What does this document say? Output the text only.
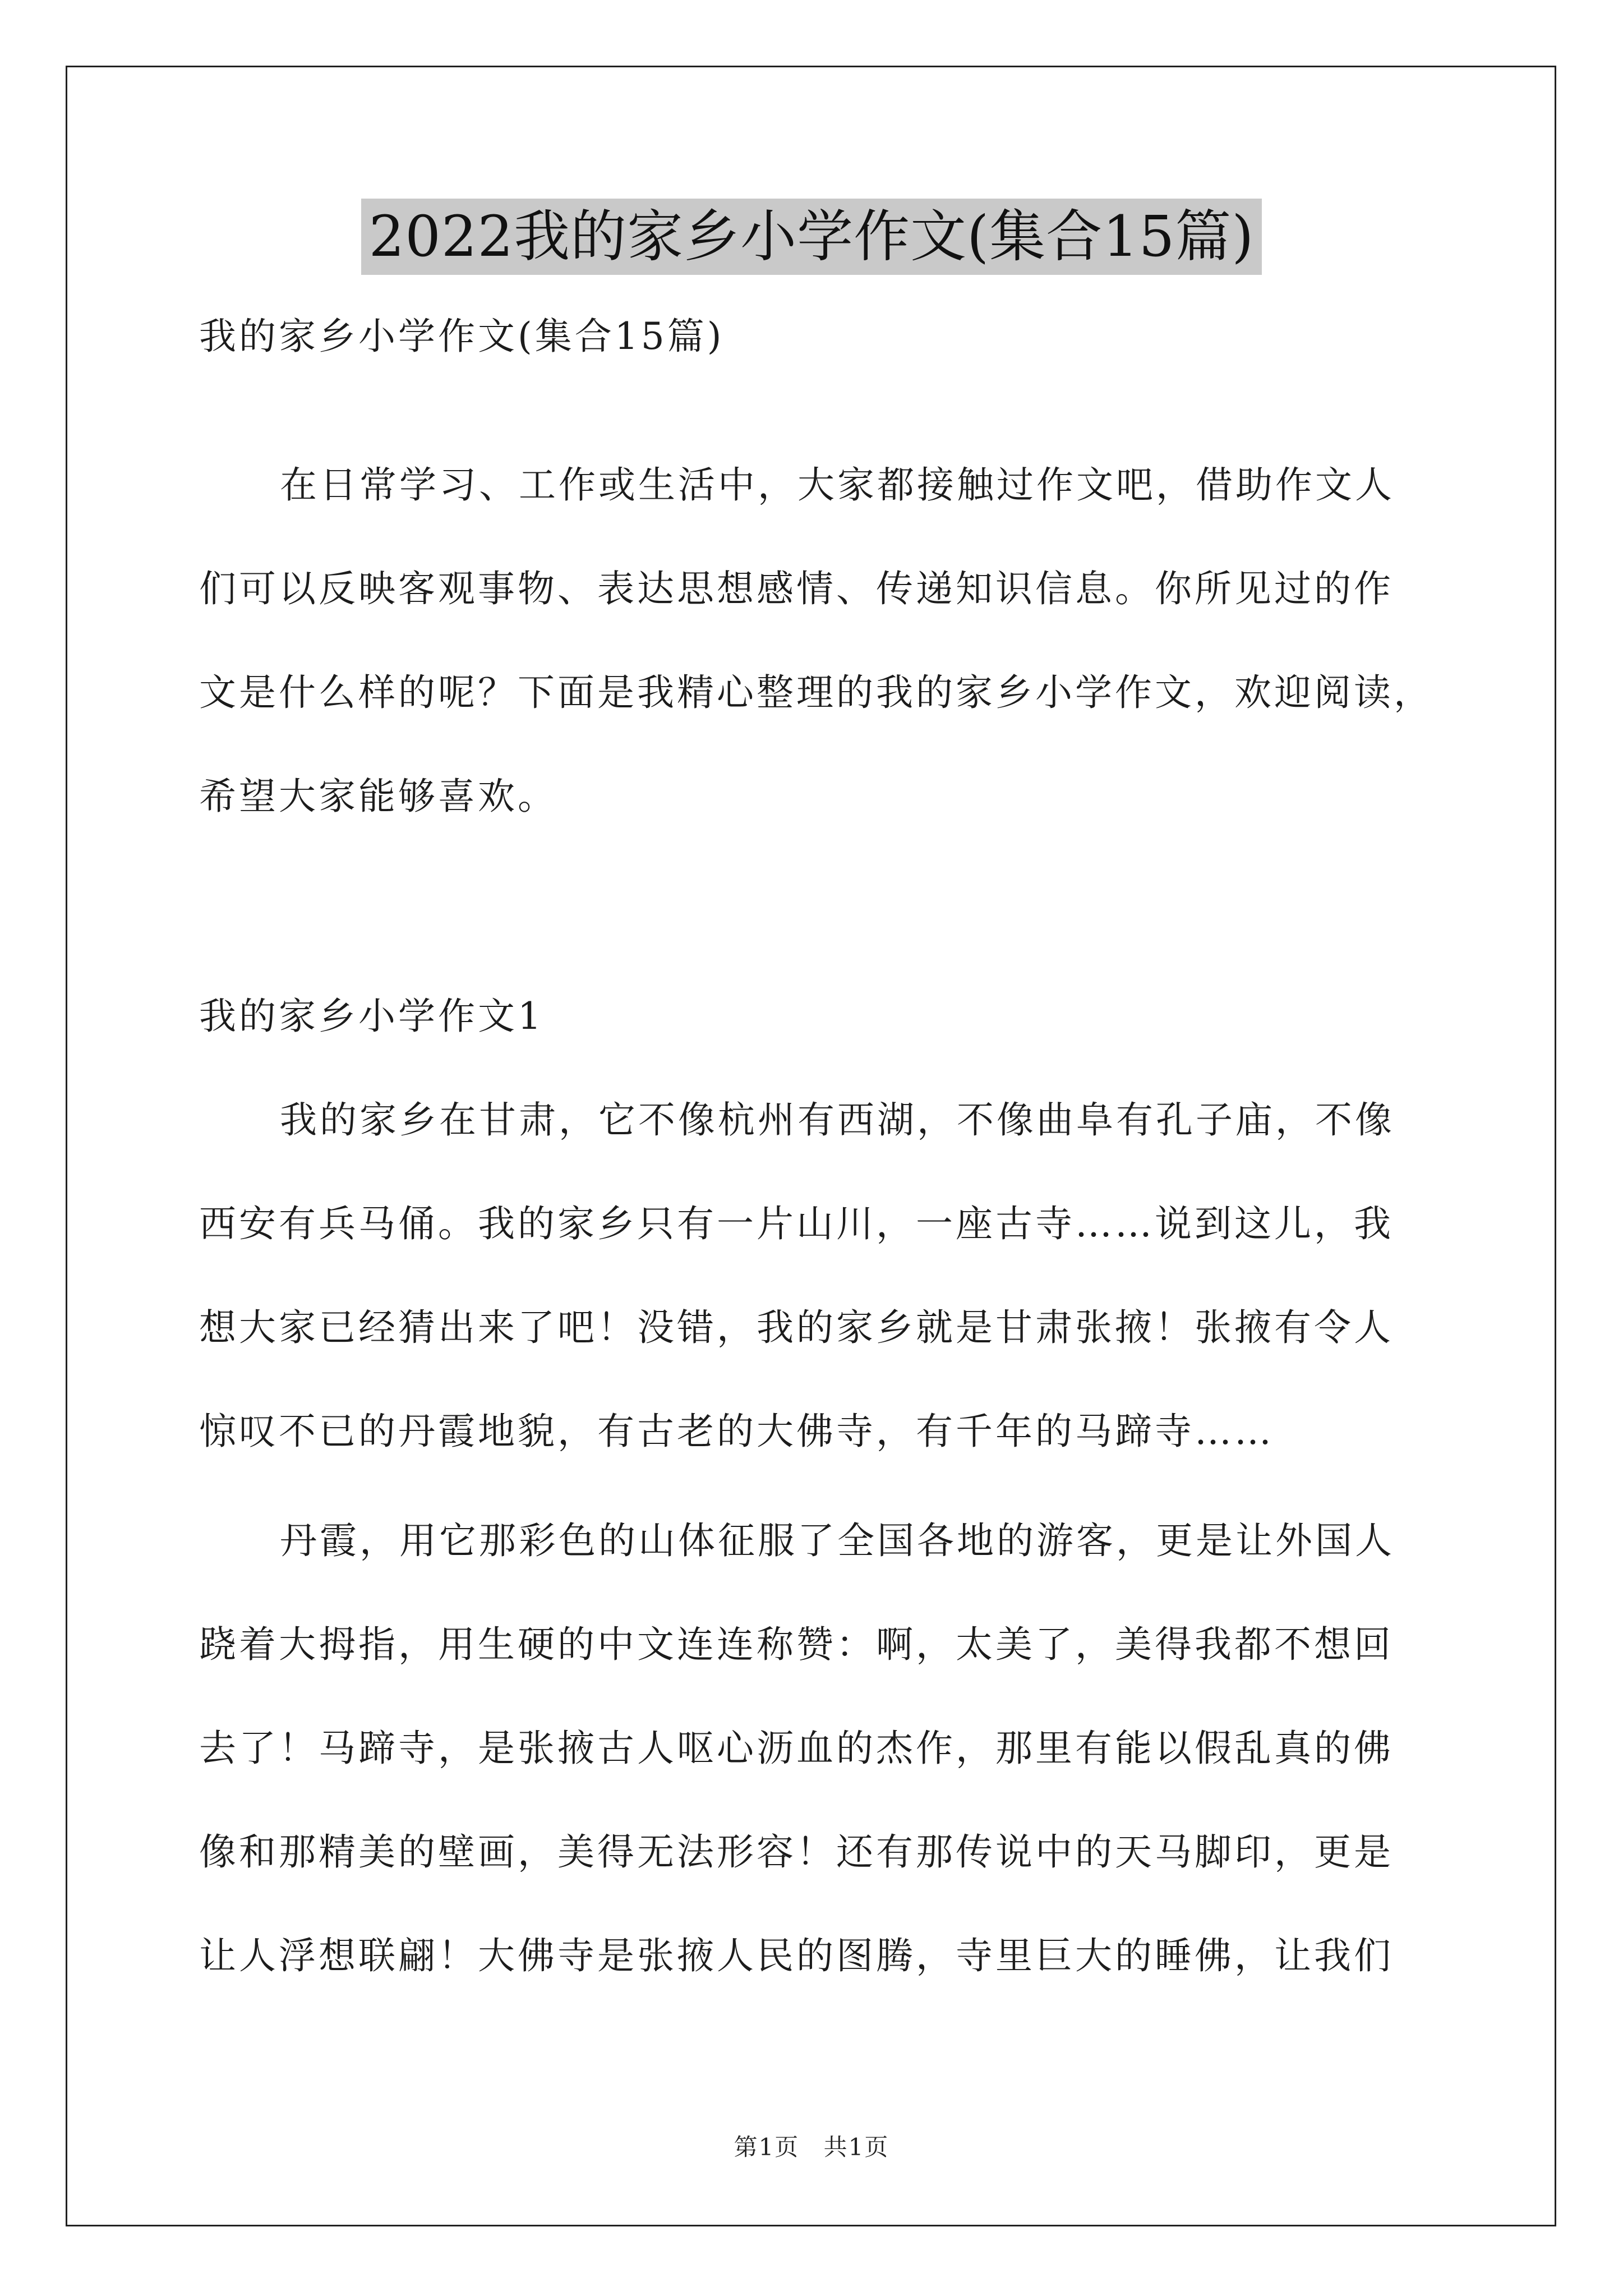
2022我的家乡小学作文(集合15篇)
我的家乡小学作文(集合15篇)
在日常学习、工作或生活中，大家都接触过作文吧，借助作文人
们可以反映客观事物、表达思想感情、传递知识信息。你所见过的作
文是什么样的呢？下面是我精心整理的我的家乡小学作文，欢迎阅读，
希望大家能够喜欢。
我的家乡小学作文1
我的家乡在甘肃，它不像杭州有西湖，不像曲阜有孔子庙，不像
西安有兵马俑。我的家乡只有一片山川，一座古寺……说到这儿，我
想大家已经猜出来了吧！没错，我的家乡就是甘肃张掖！张掖有令人
惊叹不已的丹霞地貌，有古老的大佛寺，有千年的马蹄寺……
丹霞，用它那彩色的山体征服了全国各地的游客，更是让外国人
跷着大拇指，用生硬的中文连连称赞：啊，太美了，美得我都不想回
去了！马蹄寺，是张掖古人呕心沥血的杰作，那里有能以假乱真的佛
像和那精美的壁画，美得无法形容！还有那传说中的天马脚印，更是
让人浮想联翩！大佛寺是张掖人民的图腾，寺里巨大的睡佛，让我们
第1页 共1页
